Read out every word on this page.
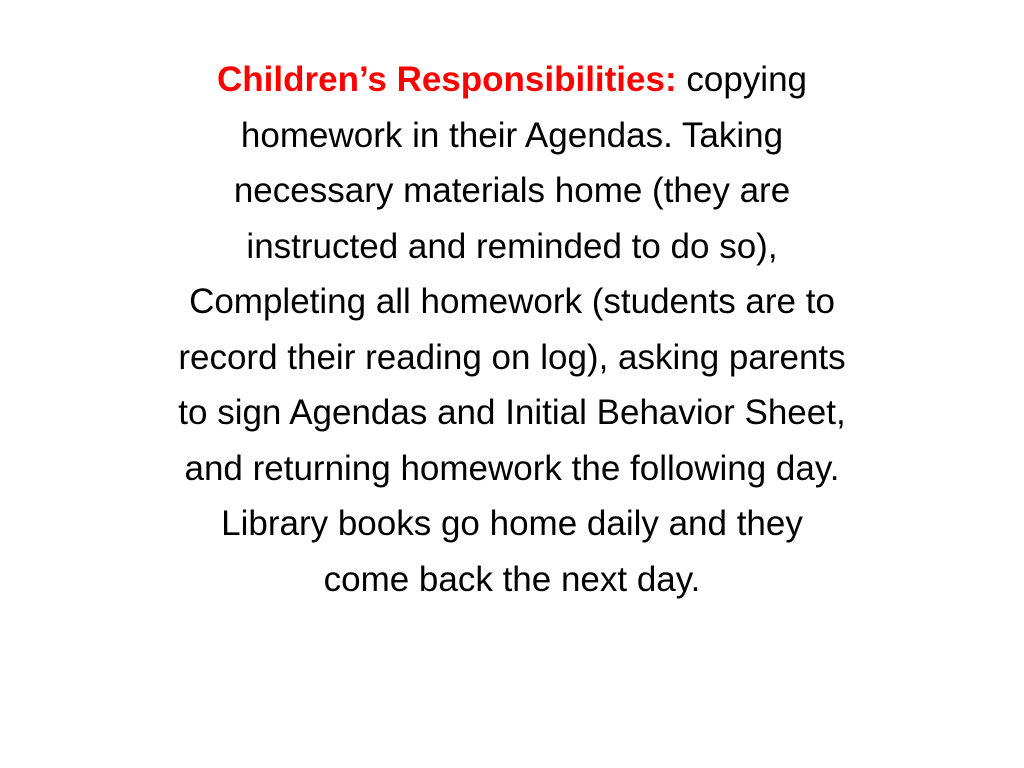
Children’s Responsibilities: copying
homework in their Agendas. Taking
necessary materials home (they are
instructed and reminded to do so),
Completing all homework (students are to
record their reading on log), asking parents
to sign Agendas and Initial Behavior Sheet,
and returning homework the following day.
Library books go home daily and they
come back the next day.
